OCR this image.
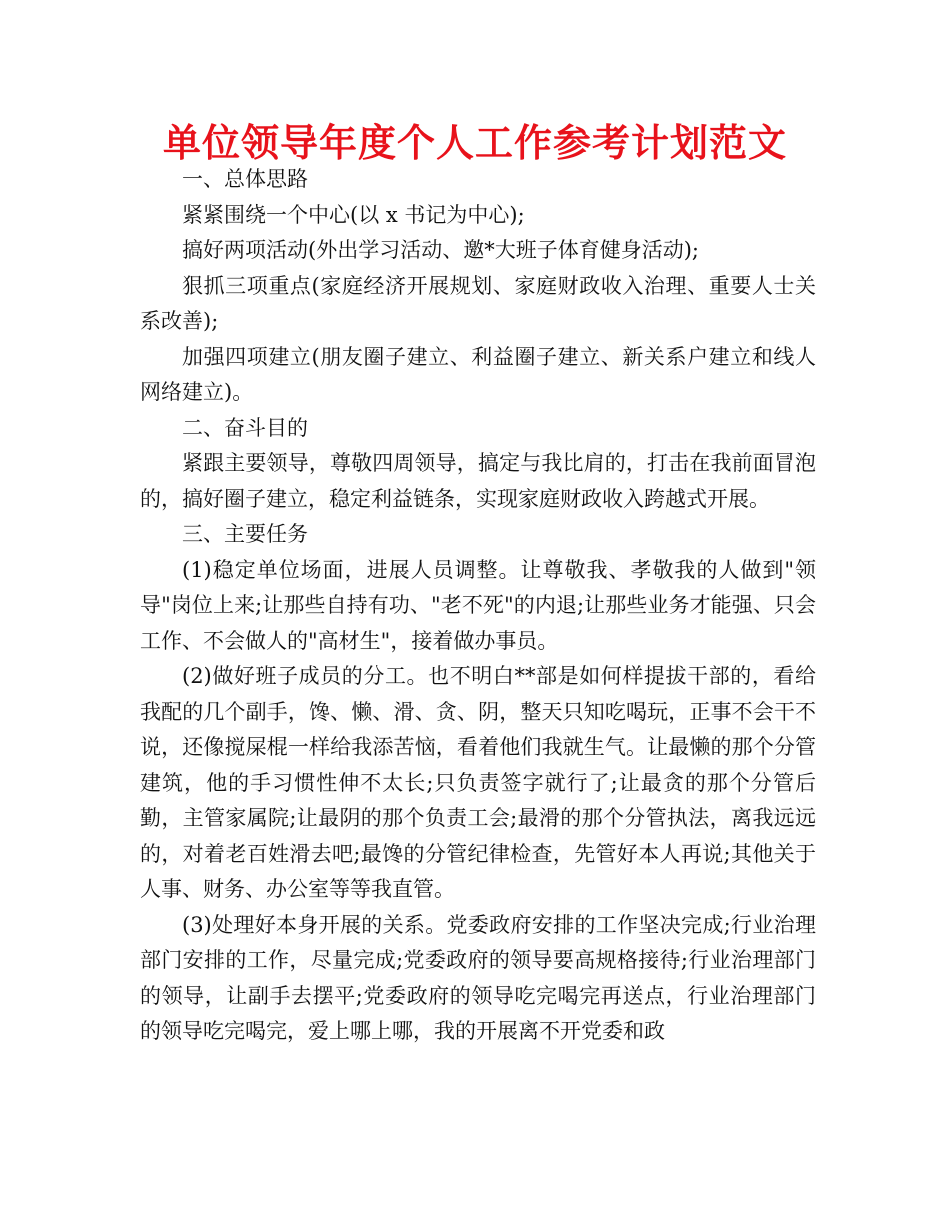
单位领导年度个人工作参考计划范文

一、总体思路

紧紧围绕一个中心(以 x 书记为中心);

搞好两项活动(外出学习活动、邀*大班子体育健身活动);

狠抓三项重点(家庭经济开展规划、家庭财政收入治理、重要人士关系改善);

加强四项建立(朋友圈子建立、利益圈子建立、新关系户建立和线人网络建立)。

二、奋斗目的

紧跟主要领导，尊敬四周领导，搞定与我比肩的，打击在我前面冒泡的，搞好圈子建立，稳定利益链条，实现家庭财政收入跨越式开展。

三、主要任务

(1)稳定单位场面，进展人员调整。让尊敬我、孝敬我的人做到"领导"岗位上来;让那些自持有功、"老不死"的内退;让那些业务才能强、只会工作、不会做人的"高材生"，接着做办事员。

(2)做好班子成员的分工。也不明白**部是如何样提拔干部的，看给我配的几个副手，馋、懒、滑、贪、阴，整天只知吃喝玩，正事不会干不说，还像搅屎棍一样给我添苦恼，看着他们我就生气。让最懒的那个分管建筑，他的手习惯性伸不太长;只负责签字就行了;让最贪的那个分管后勤，主管家属院;让最阴的那个负责工会;最滑的那个分管执法，离我远远的，对着老百姓滑去吧;最馋的分管纪律检查，先管好本人再说;其他关于人事、财务、办公室等等我直管。

(3)处理好本身开展的关系。党委政府安排的工作坚决完成;行业治理部门安排的工作，尽量完成;党委政府的领导要高规格接待;行业治理部门的领导，让副手去摆平;党委政府的领导吃完喝完再送点，行业治理部门的领导吃完喝完，爱上哪上哪，我的开展离不开党委和政
